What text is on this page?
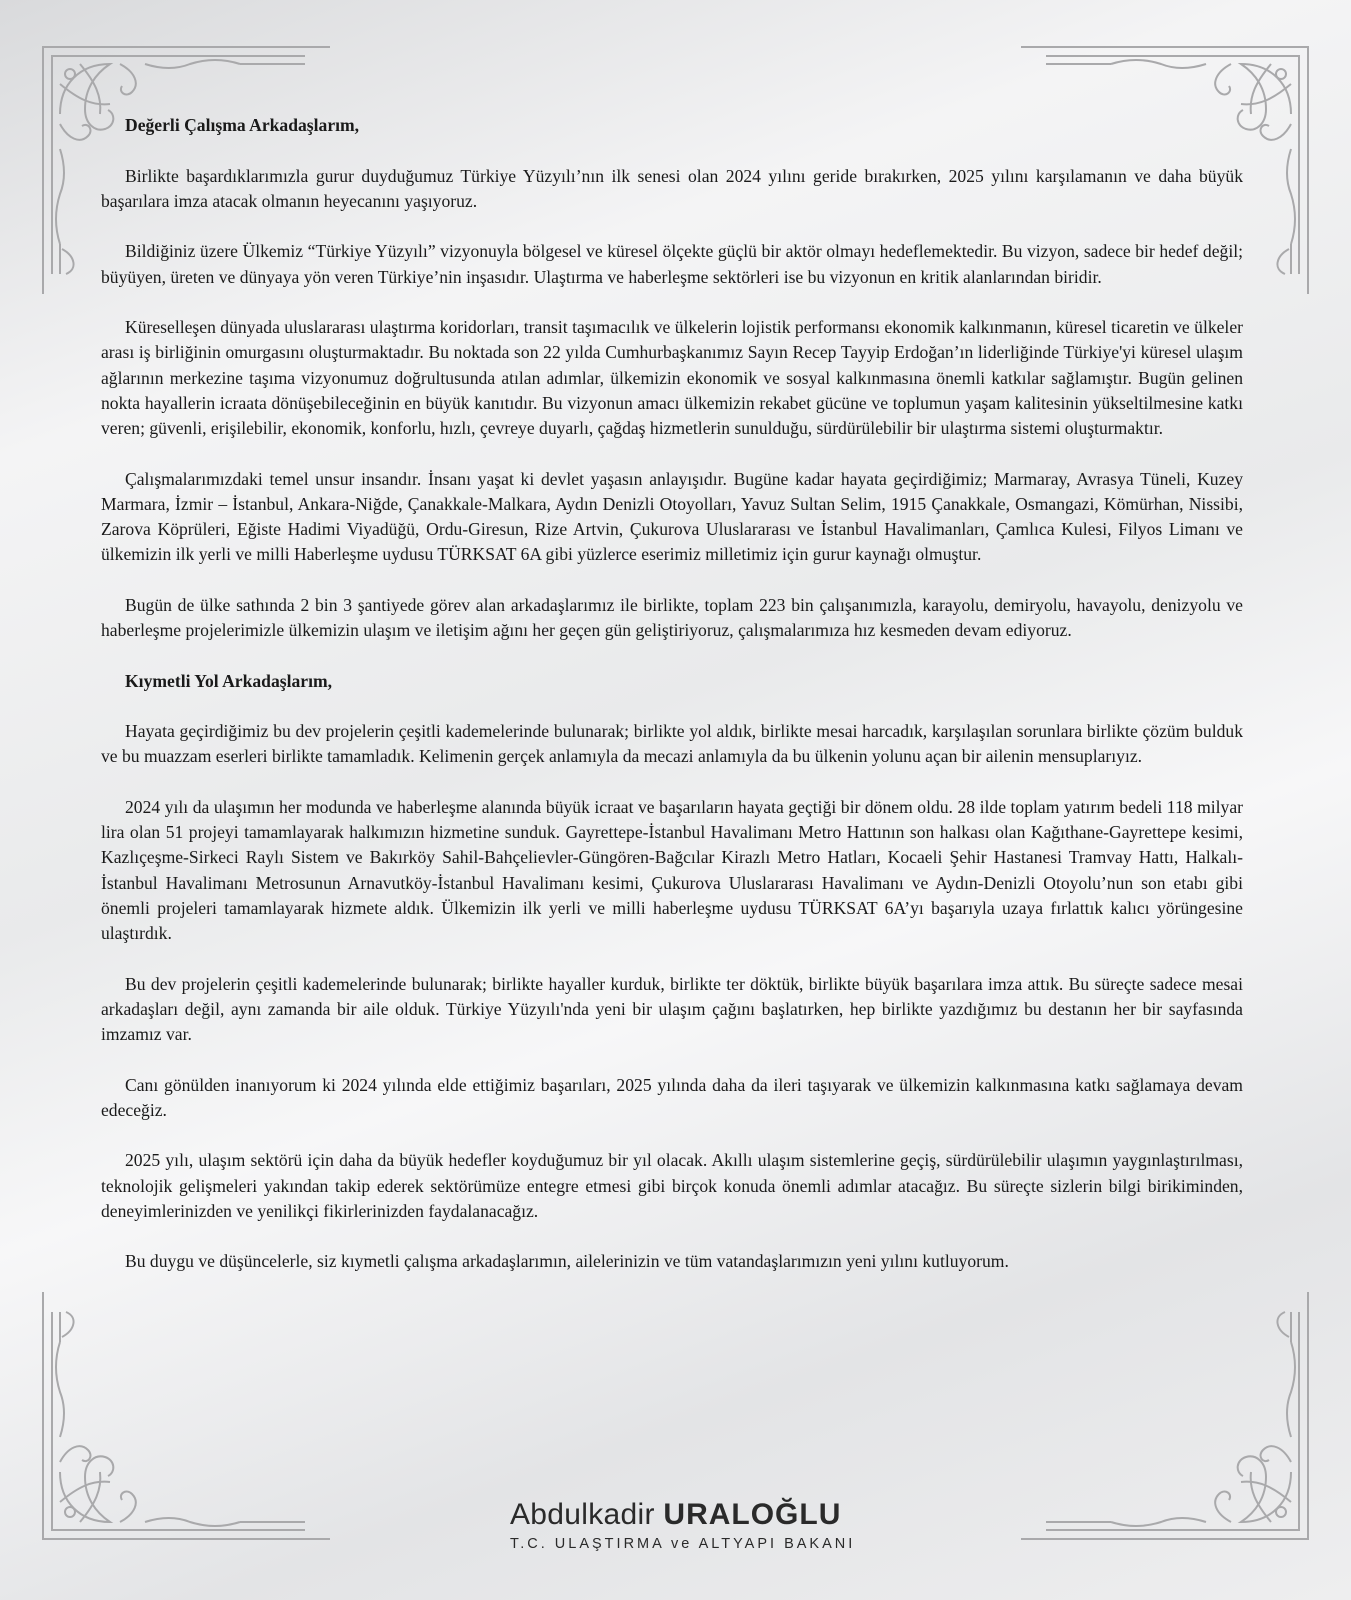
Değerli Çalışma Arkadaşlarım,

Birlikte başardıklarımızla gurur duyduğumuz Türkiye Yüzyılı’nın ilk senesi olan 2024 yılını geride bırakırken, 2025 yılını karşılamanın ve daha büyük başarılara imza atacak olmanın heyecanını yaşıyoruz.

Bildiğiniz üzere Ülkemiz “Türkiye Yüzyılı” vizyonuyla bölgesel ve küresel ölçekte güçlü bir aktör olmayı hedeflemektedir. Bu vizyon, sadece bir hedef değil; büyüyen, üreten ve dünyaya yön veren Türkiye’nin inşasıdır. Ulaştırma ve haberleşme sektörleri ise bu vizyonun en kritik alanlarından biridir.

Küreselleşen dünyada uluslararası ulaştırma koridorları, transit taşımacılık ve ülkelerin lojistik performansı ekonomik kalkınmanın, küresel ticaretin ve ülkeler arası iş birliğinin omurgasını oluşturmaktadır. Bu noktada son 22 yılda Cumhurbaşkanımız Sayın Recep Tayyip Erdoğan’ın liderliğinde Türkiye'yi küresel ulaşım ağlarının merkezine taşıma vizyonumuz doğrultusunda atılan adımlar, ülkemizin ekonomik ve sosyal kalkınmasına önemli katkılar sağlamıştır. Bugün gelinen nokta hayallerin icraata dönüşebileceğinin en büyük kanıtıdır. Bu vizyonun amacı ülkemizin rekabet gücüne ve toplumun yaşam kalitesinin yükseltilmesine katkı veren; güvenli, erişilebilir, ekonomik, konforlu, hızlı, çevreye duyarlı, çağdaş hizmetlerin sunulduğu, sürdürülebilir bir ulaştırma sistemi oluşturmaktır.

Çalışmalarımızdaki temel unsur insandır. İnsanı yaşat ki devlet yaşasın anlayışıdır. Bugüne kadar hayata geçirdiğimiz; Marmaray, Avrasya Tüneli, Kuzey Marmara, İzmir – İstanbul, Ankara-Niğde, Çanakkale-Malkara, Aydın Denizli Otoyolları, Yavuz Sultan Selim, 1915 Çanakkale, Osmangazi, Kömürhan, Nissibi, Zarova Köprüleri, Eğiste Hadimi Viyadüğü, Ordu-Giresun, Rize Artvin, Çukurova Uluslararası ve İstanbul Havalimanları, Çamlıca Kulesi, Filyos Limanı ve ülkemizin ilk yerli ve milli Haberleşme uydusu TÜRKSAT 6A gibi yüzlerce eserimiz milletimiz için gurur kaynağı olmuştur.

Bugün de ülke sathında 2 bin 3 şantiyede görev alan arkadaşlarımız ile birlikte, toplam 223 bin çalışanımızla, karayolu, demiryolu, havayolu, denizyolu ve haberleşme projelerimizle ülkemizin ulaşım ve iletişim ağını her geçen gün geliştiriyoruz, çalışmalarımıza hız kesmeden devam ediyoruz.

Kıymetli Yol Arkadaşlarım,

Hayata geçirdiğimiz bu dev projelerin çeşitli kademelerinde bulunarak; birlikte yol aldık, birlikte mesai harcadık, karşılaşılan sorunlara birlikte çözüm bulduk ve bu muazzam eserleri birlikte tamamladık. Kelimenin gerçek anlamıyla da mecazi anlamıyla da bu ülkenin yolunu açan bir ailenin mensuplarıyız.

2024 yılı da ulaşımın her modunda ve haberleşme alanında büyük icraat ve başarıların hayata geçtiği bir dönem oldu. 28 ilde toplam yatırım bedeli 118 milyar lira olan 51 projeyi tamamlayarak halkımızın hizmetine sunduk. Gayrettepe-İstanbul Havalimanı Metro Hattının son halkası olan Kağıthane-Gayrettepe kesimi, Kazlıçeşme-Sirkeci Raylı Sistem ve Bakırköy Sahil-Bahçelievler-Güngören-Bağcılar Kirazlı Metro Hatları, Kocaeli Şehir Hastanesi Tramvay Hattı, Halkalı-İstanbul Havalimanı Metrosunun Arnavutköy-İstanbul Havalimanı kesimi, Çukurova Uluslararası Havalimanı ve Aydın-Denizli Otoyolu’nun son etabı gibi önemli projeleri tamamlayarak hizmete aldık. Ülkemizin ilk yerli ve milli haberleşme uydusu TÜRKSAT 6A’yı başarıyla uzaya fırlattık kalıcı yörüngesine ulaştırdık.

Bu dev projelerin çeşitli kademelerinde bulunarak; birlikte hayaller kurduk, birlikte ter döktük, birlikte büyük başarılara imza attık. Bu süreçte sadece mesai arkadaşları değil, aynı zamanda bir aile olduk. Türkiye Yüzyılı'nda yeni bir ulaşım çağını başlatırken, hep birlikte yazdığımız bu destanın her bir sayfasında imzamız var.

Canı gönülden inanıyorum ki 2024 yılında elde ettiğimiz başarıları, 2025 yılında daha da ileri taşıyarak ve ülkemizin kalkınmasına katkı sağlamaya devam edeceğiz.

2025 yılı, ulaşım sektörü için daha da büyük hedefler koyduğumuz bir yıl olacak. Akıllı ulaşım sistemlerine geçiş, sürdürülebilir ulaşımın yaygınlaştırılması, teknolojik gelişmeleri yakından takip ederek sektörümüze entegre etmesi gibi birçok konuda önemli adımlar atacağız. Bu süreçte sizlerin bilgi birikiminden, deneyimlerinizden ve yenilikçi fikirlerinizden faydalanacağız.

Bu duygu ve düşüncelerle, siz kıymetli çalışma arkadaşlarımın, ailelerinizin ve tüm vatandaşlarımızın yeni yılını kutluyorum.

Abdulkadir URALOĞLU
T.C. ULAŞTIRMA ve ALTYAPI BAKANI
